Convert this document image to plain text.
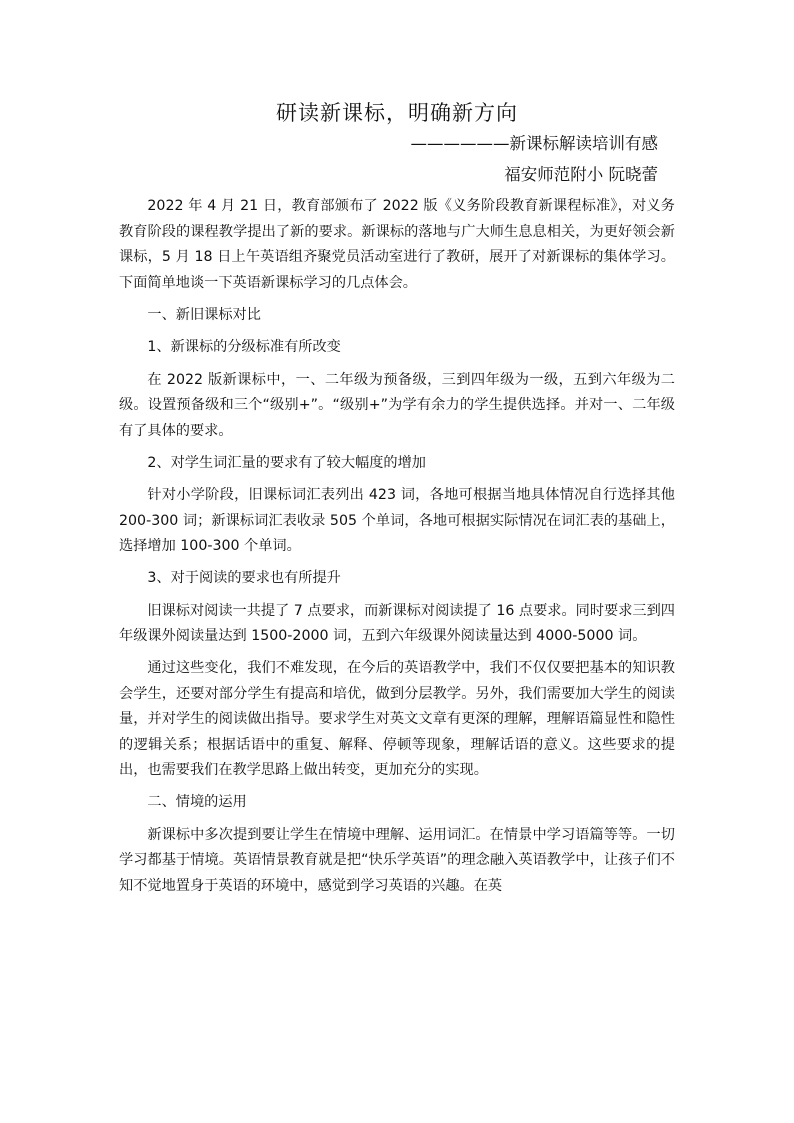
研读新课标，明确新方向
——————新课标解读培训有感
福安师范附小 阮晓蕾

2022 年 4 月 21 日，教育部颁布了 2022 版《义务阶段教育新课程标准》，对义务教育阶段的课程教学提出了新的要求。新课标的落地与广大师生息息相关，为更好领会新课标，5 月 18 日上午英语组齐聚党员活动室进行了教研，展开了对新课标的集体学习。下面简单地谈一下英语新课标学习的几点体会。

一、新旧课标对比

1、新课标的分级标准有所改变

在 2022 版新课标中，一、二年级为预备级，三到四年级为一级，五到六年级为二级。设置预备级和三个“级别+”。“级别+”为学有余力的学生提供选择。并对一、二年级有了具体的要求。

2、对学生词汇量的要求有了较大幅度的增加

针对小学阶段，旧课标词汇表列出 423 词，各地可根据当地具体情况自行选择其他 200-300 词；新课标词汇表收录 505 个单词，各地可根据实际情况在词汇表的基础上，选择增加 100-300 个单词。

3、对于阅读的要求也有所提升

旧课标对阅读一共提了 7 点要求，而新课标对阅读提了 16 点要求。同时要求三到四年级课外阅读量达到 1500-2000 词，五到六年级课外阅读量达到 4000-5000 词。

通过这些变化，我们不难发现，在今后的英语教学中，我们不仅仅要把基本的知识教会学生，还要对部分学生有提高和培优，做到分层教学。另外，我们需要加大学生的阅读量，并对学生的阅读做出指导。要求学生对英文文章有更深的理解，理解语篇显性和隐性的逻辑关系；根据话语中的重复、解释、停顿等现象，理解话语的意义。这些要求的提出，也需要我们在教学思路上做出转变，更加充分的实现。

二、情境的运用

新课标中多次提到要让学生在情境中理解、运用词汇。在情景中学习语篇等等。一切学习都基于情境。英语情景教育就是把“快乐学英语”的理念融入英语教学中，让孩子们不知不觉地置身于英语的环境中，感觉到学习英语的兴趣。在英
